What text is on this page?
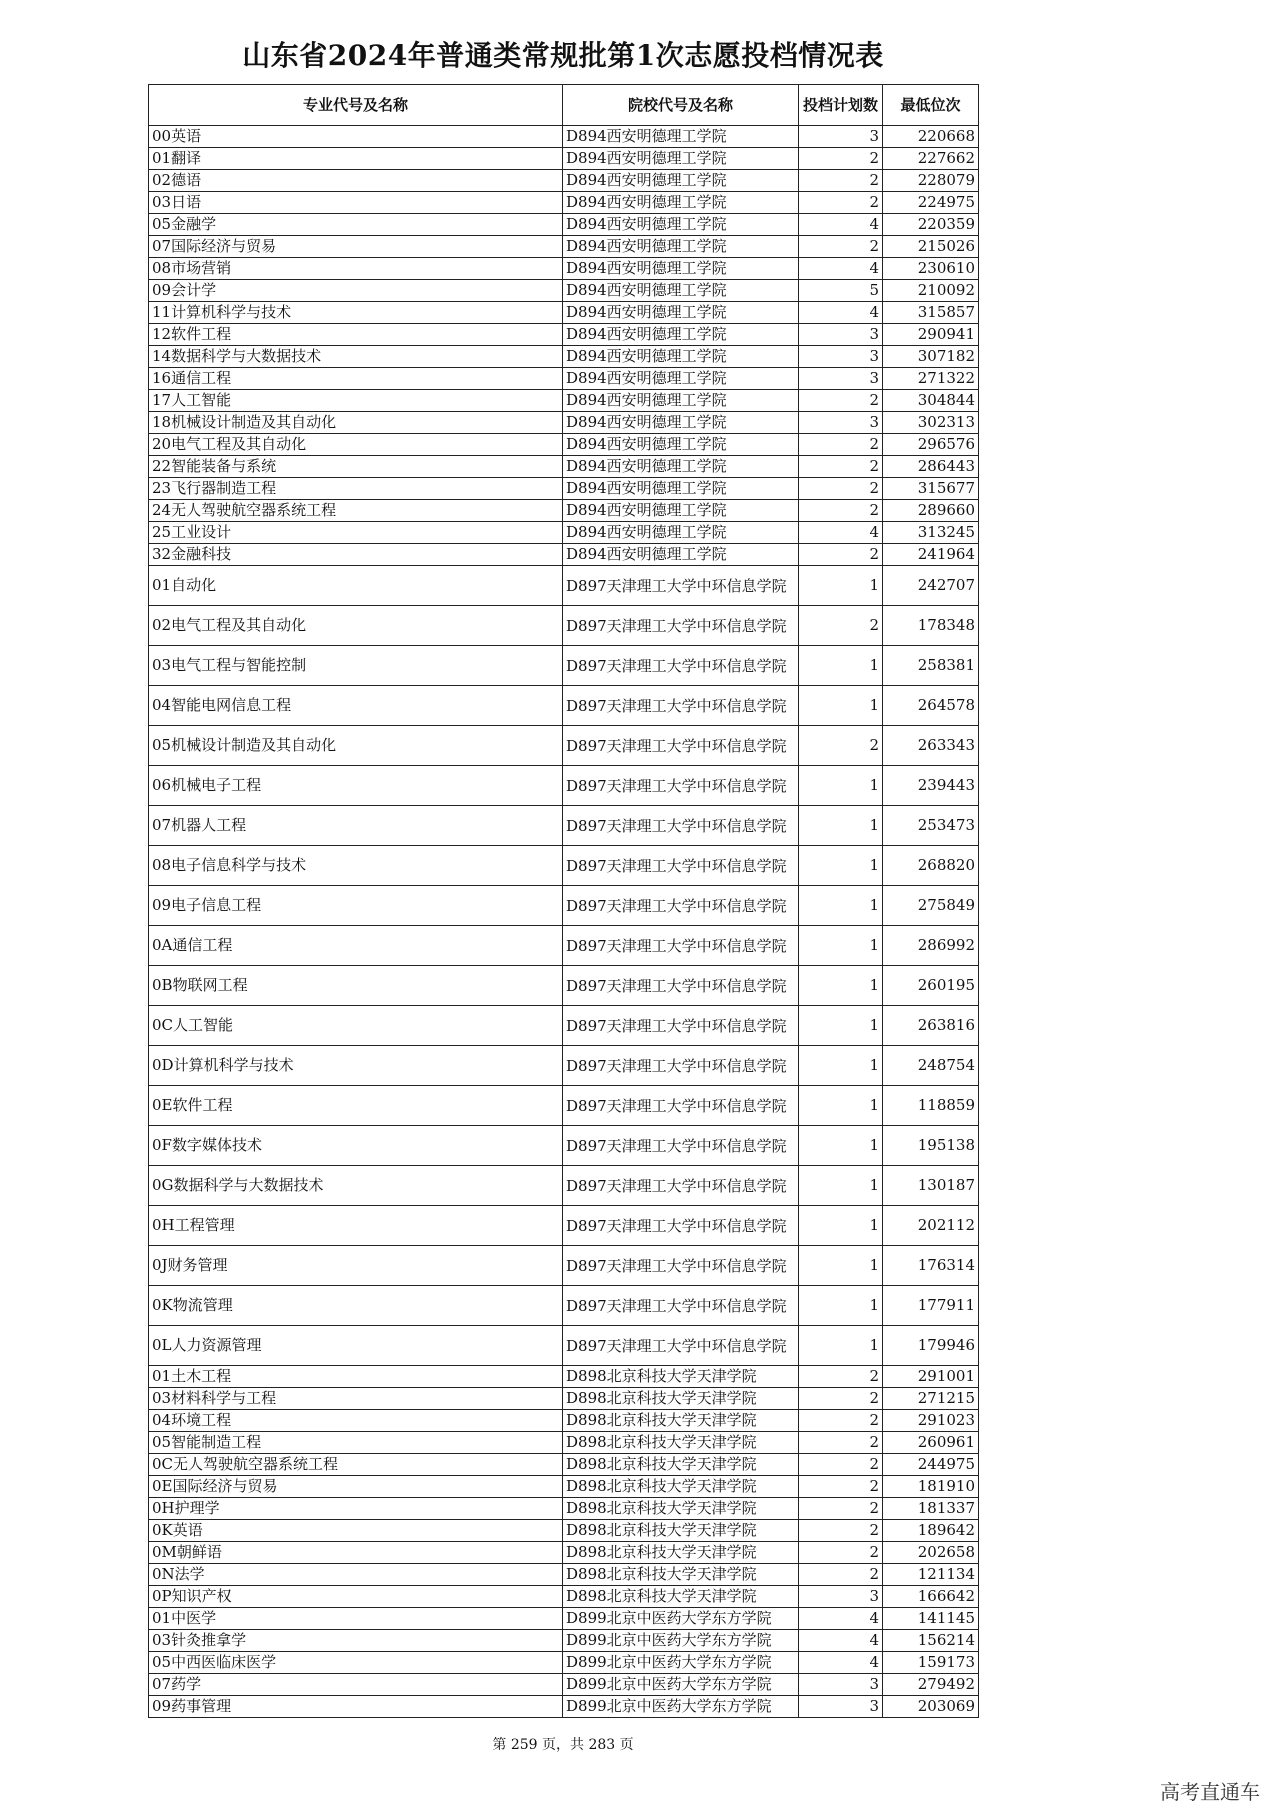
山东省2024年普通类常规批第1次志愿投档情况表
专业代号及名称	院校代号及名称	投档计划数	最低位次
00英语	D894西安明德理工学院	3	220668
01翻译	D894西安明德理工学院	2	227662
02德语	D894西安明德理工学院	2	228079
03日语	D894西安明德理工学院	2	224975
05金融学	D894西安明德理工学院	4	220359
07国际经济与贸易	D894西安明德理工学院	2	215026
08市场营销	D894西安明德理工学院	4	230610
09会计学	D894西安明德理工学院	5	210092
11计算机科学与技术	D894西安明德理工学院	4	315857
12软件工程	D894西安明德理工学院	3	290941
14数据科学与大数据技术	D894西安明德理工学院	3	307182
16通信工程	D894西安明德理工学院	3	271322
17人工智能	D894西安明德理工学院	2	304844
18机械设计制造及其自动化	D894西安明德理工学院	3	302313
20电气工程及其自动化	D894西安明德理工学院	2	296576
22智能装备与系统	D894西安明德理工学院	2	286443
23飞行器制造工程	D894西安明德理工学院	2	315677
24无人驾驶航空器系统工程	D894西安明德理工学院	2	289660
25工业设计	D894西安明德理工学院	4	313245
32金融科技	D894西安明德理工学院	2	241964
01自动化	D897天津理工大学中环信息学院	1	242707
02电气工程及其自动化	D897天津理工大学中环信息学院	2	178348
03电气工程与智能控制	D897天津理工大学中环信息学院	1	258381
04智能电网信息工程	D897天津理工大学中环信息学院	1	264578
05机械设计制造及其自动化	D897天津理工大学中环信息学院	2	263343
06机械电子工程	D897天津理工大学中环信息学院	1	239443
07机器人工程	D897天津理工大学中环信息学院	1	253473
08电子信息科学与技术	D897天津理工大学中环信息学院	1	268820
09电子信息工程	D897天津理工大学中环信息学院	1	275849
0A通信工程	D897天津理工大学中环信息学院	1	286992
0B物联网工程	D897天津理工大学中环信息学院	1	260195
0C人工智能	D897天津理工大学中环信息学院	1	263816
0D计算机科学与技术	D897天津理工大学中环信息学院	1	248754
0E软件工程	D897天津理工大学中环信息学院	1	118859
0F数字媒体技术	D897天津理工大学中环信息学院	1	195138
0G数据科学与大数据技术	D897天津理工大学中环信息学院	1	130187
0H工程管理	D897天津理工大学中环信息学院	1	202112
0J财务管理	D897天津理工大学中环信息学院	1	176314
0K物流管理	D897天津理工大学中环信息学院	1	177911
0L人力资源管理	D897天津理工大学中环信息学院	1	179946
01土木工程	D898北京科技大学天津学院	2	291001
03材料科学与工程	D898北京科技大学天津学院	2	271215
04环境工程	D898北京科技大学天津学院	2	291023
05智能制造工程	D898北京科技大学天津学院	2	260961
0C无人驾驶航空器系统工程	D898北京科技大学天津学院	2	244975
0E国际经济与贸易	D898北京科技大学天津学院	2	181910
0H护理学	D898北京科技大学天津学院	2	181337
0K英语	D898北京科技大学天津学院	2	189642
0M朝鲜语	D898北京科技大学天津学院	2	202658
0N法学	D898北京科技大学天津学院	2	121134
0P知识产权	D898北京科技大学天津学院	3	166642
01中医学	D899北京中医药大学东方学院	4	141145
03针灸推拿学	D899北京中医药大学东方学院	4	156214
05中西医临床医学	D899北京中医药大学东方学院	4	159173
07药学	D899北京中医药大学东方学院	3	279492
09药事管理	D899北京中医药大学东方学院	3	203069
第 259 页，共 283 页
高考直通车
